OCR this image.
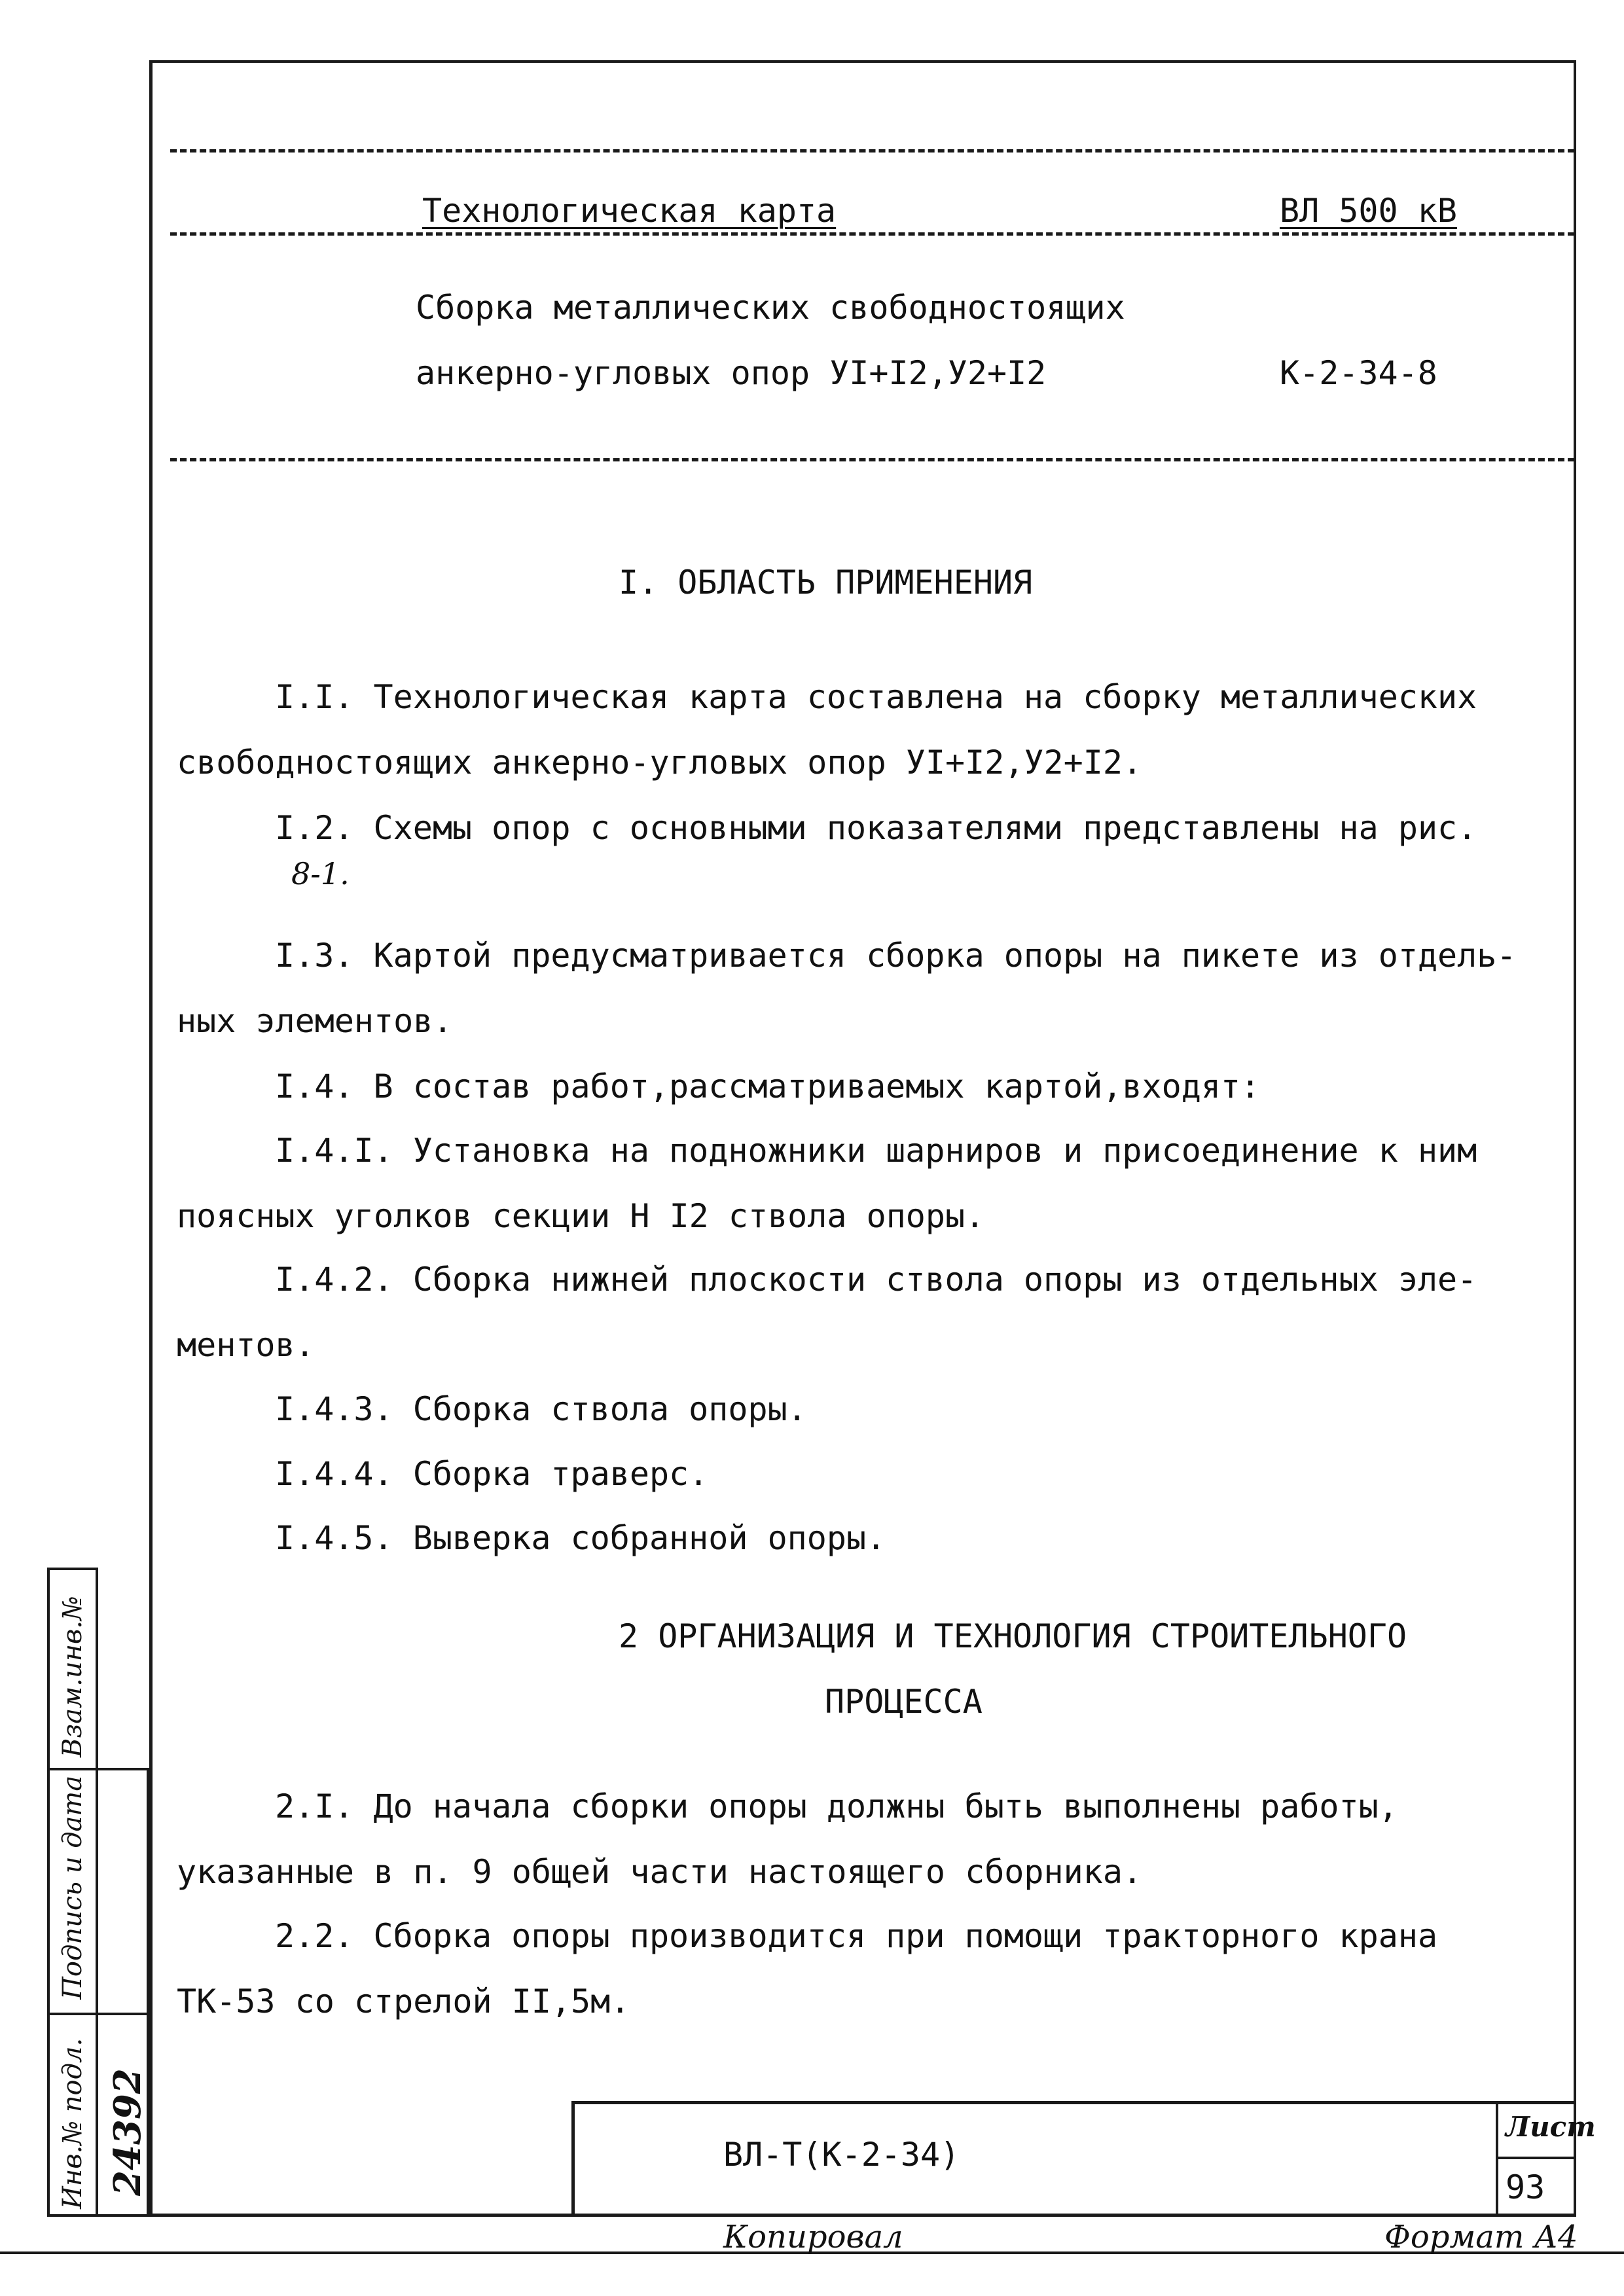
Технологическая карта	ВЛ 500 кВ
Сборка металлических свободностоящих
анкерно-угловых опор УI+I2,У2+I2	К-2-34-8
I. ОБЛАСТЬ ПРИМЕНЕНИЯ
I.I. Технологическая карта составлена на сборку металлических
свободностоящих анкерно-угловых опор УI+I2,У2+I2.
I.2. Схемы опор с основными показателями представлены на рис.
8-1.
I.3. Картой предусматривается сборка опоры на пикете из отдель-
ных элементов.
I.4. В состав работ,рассматриваемых картой,входят:
I.4.I. Установка на подножники шарниров и присоединение к ним
поясных уголков секции Н I2 ствола опоры.
I.4.2. Сборка нижней плоскости ствола опоры из отдельных эле-
ментов.
I.4.3. Сборка ствола опоры.
I.4.4. Сборка траверс.
I.4.5. Выверка собранной опоры.
2 ОРГАНИЗАЦИЯ И ТЕХНОЛОГИЯ СТРОИТЕЛЬНОГО
ПРОЦЕССА
2.I. До начала сборки опоры должны быть выполнены работы,
указанные в п. 9 общей части настоящего сборника.
2.2. Сборка опоры производится при помощи тракторного крана
ТК-53 со стрелой II,5м.
ВЛ-Т(К-2-34)
Лист
93
Взам.инв.№
Подпись и дата
Инв.№ подл. 24392
Копировал	Формат А4
